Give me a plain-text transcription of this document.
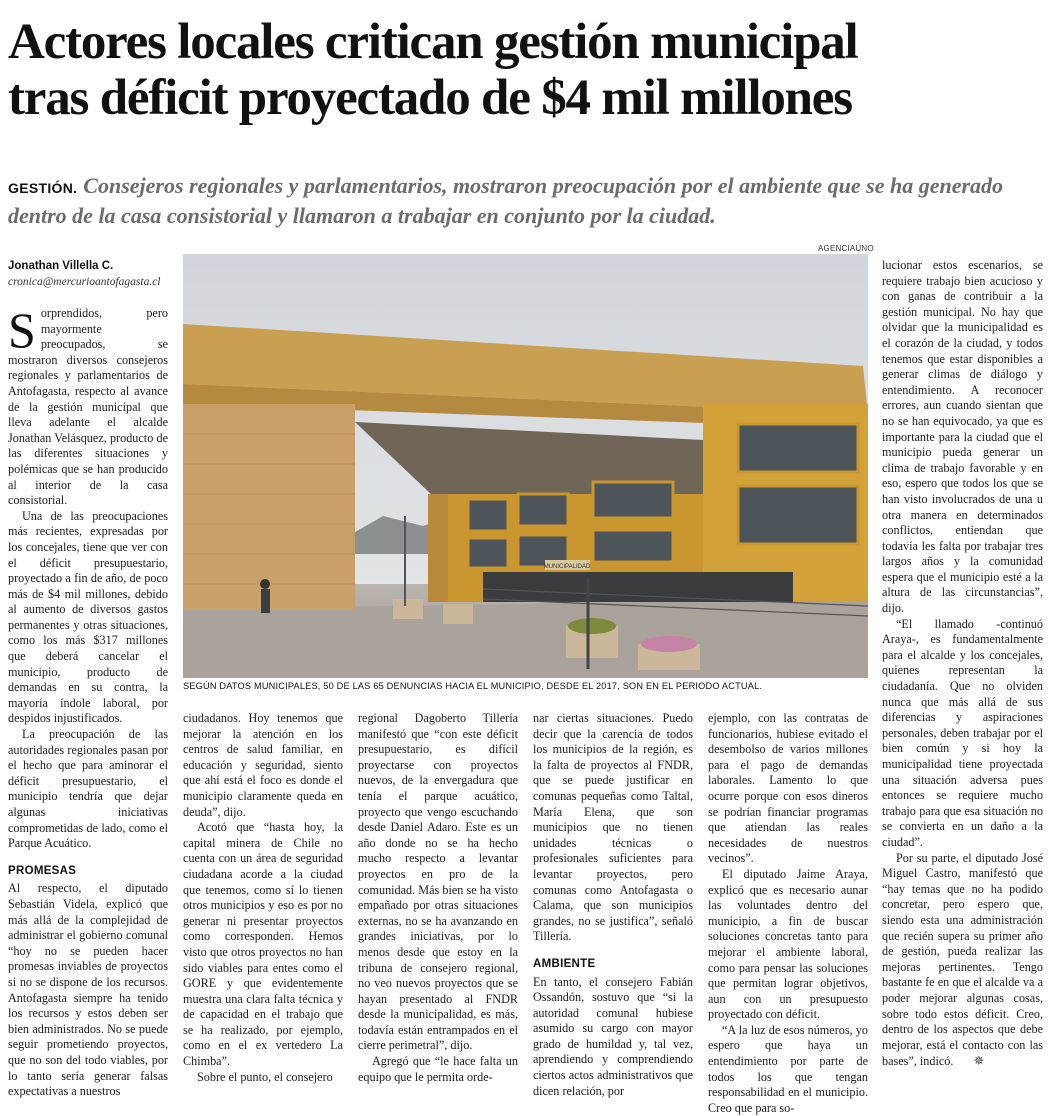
Actores locales critican gestión municipal
tras déficit proyectado de $4 mil millones

GESTIÓN. Consejeros regionales y parlamentarios, mostraron preocupación por el ambiente que se ha generado dentro de la casa consistorial y llamaron a trabajar en conjunto por la ciudad.

Jonathan Villella C.
cronica@mercurioantofagasta.cl
AGENCIAUNO
MUNICIPALIDAD
SEGÚN DATOS MUNICIPALES, 50 DE LAS 65 DENUNCIAS HACIA EL MUNICIPIO, DESDE EL 2017, SON EN EL PERIODO ACTUAL.

Sorprendidos, pero mayormente preocupados, se mostraron diversos consejeros regionales y parlamentarios de Antofagasta, respecto al avance de la gestión municipal que lleva adelante el alcalde Jonathan Velásquez, producto de las diferentes situaciones y polémicas que se han producido al interior de la casa consistorial.

Una de las preocupaciones más recientes, expresadas por los concejales, tiene que ver con el déficit presupuestario, proyectado a fin de año, de poco más de $4 mil millones, debido al aumento de diversos gastos permanentes y otras situaciones, como los más $317 millones que deberá cancelar el municipio, producto de demandas en su contra, la mayoría índole laboral, por despidos injustificados.

La preocupación de las autoridades regionales pasan por el hecho que para aminorar el déficit presupuestario, el municipio tendría que dejar algunas iniciativas comprometidas de lado, como el Parque Acuático.

PROMESAS

Al respecto, el diputado Sebastián Videla, explicó que más allá de la complejidad de administrar el gobierno comunal “hoy no se pueden hacer promesas inviables de proyectos si no se dispone de los recursos. Antofagasta siempre ha tenido los recursos y estos deben ser bien administrados. No se puede seguir prometiendo proyectos, que no son del todo viables, por lo tanto sería generar falsas expectativas a nuestros

ciudadanos. Hoy tenemos que mejorar la atención en los centros de salud familiar, en educación y seguridad, siento que ahí está el foco es donde el municipio claramente queda en deuda”, dijo.

Acotó que “hasta hoy, la capital minera de Chile no cuenta con un área de seguridad ciudadana acorde a la ciudad que tenemos, como sí lo tienen otros municipios y eso es por no generar ni presentar proyectos como corresponden. Hemos visto que otros proyectos no han sido viables para entes como el GORE y que evidentemente muestra una clara falta técnica y de capacidad en el trabajo que se ha realizado, por ejemplo, como en el ex vertedero La Chimba”.

Sobre el punto, el consejero

regional Dagoberto Tillería manifestó que “con este déficit presupuestario, es difícil proyectarse con proyectos nuevos, de la envergadura que tenía el parque acuático, proyecto que vengo escuchando desde Daniel Adaro. Este es un año donde no se ha hecho mucho respecto a levantar proyectos en pro de la comunidad. Más bien se ha visto empañado por otras situaciones externas, no se ha avanzando en grandes iniciativas, por lo menos desde que estoy en la tribuna de consejero regional, no veo nuevos proyectos que se hayan presentado al FNDR desde la municipalidad, es más, todavía están entrampados en el cierre perimetral”, dijo.

Agregó que “le hace falta un equipo que le permita orde-

nar ciertas situaciones. Puedo decir que la carencia de todos los municipios de la región, es la falta de proyectos al FNDR, que se puede justificar en comunas pequeñas como Taltal, María Elena, que son municipios que no tienen unidades técnicas o profesionales suficientes para levantar proyectos, pero comunas como Antofagasta o Calama, que son municipios grandes, no se justifica”, señaló Tillería.

AMBIENTE

En tanto, el consejero Fabián Ossandón, sostuvo que “si la autoridad comunal hubiese asumido su cargo con mayor grado de humildad y, tal vez, aprendiendo y comprendiendo ciertos actos administrativos que dicen relación, por

ejemplo, con las contratas de funcionarios, hubiese evitado el desembolso de varios millones para el pago de demandas laborales. Lamento lo que ocurre porque con esos dineros se podrían financiar programas que atiendan las reales necesidades de nuestros vecinos”.

El diputado Jaime Araya, explicó que es necesario aunar las voluntades dentro del municipio, a fin de buscar soluciones concretas tanto para mejorar el ambiente laboral, como para pensar las soluciones que permitan lograr objetivos, aun con un presupuesto proyectado con déficit.

“A la luz de esos números, yo espero que haya un entendimiento por parte de todos los que tengan responsabilidad en el municipio. Creo que para so-

lucionar estos escenarios, se requiere trabajo bien acucioso y con ganas de contribuir a la gestión municipal. No hay que olvidar que la municipalidad es el corazón de la ciudad, y todos tenemos que estar disponibles a generar climas de diálogo y entendimiento. A reconocer errores, aun cuando sientan que no se han equivocado, ya que es importante para la ciudad que el municipio pueda generar un clima de trabajo favorable y en eso, espero que todos los que se han visto involucrados de una u otra manera en determinados conflictos, entiendan que todavía les falta por trabajar tres largos años y la comunidad espera que el municipio esté a la altura de las circunstancias”, dijo.

“El llamado -continuó Araya-, es fundamentalmente para el alcalde y los concejales, quienes representan la ciudadanía. Que no olviden nunca que más allá de sus diferencias y aspiraciones personales, deben trabajar por el bien común y si hoy la municipalidad tiene proyectada una situación adversa pues entonces se requiere mucho trabajo para que esa situación no se convierta en un daño a la ciudad”.

Por su parte, el diputado José Miguel Castro, manifestó que “hay temas que no ha podido concretar, pero espero que, siendo esta una administración que recién supera su primer año de gestión, pueda realizar las mejoras pertinentes. Tengo bastante fe en que el alcalde va a poder mejorar algunas cosas, sobre todo estos déficit. Creo, dentro de los aspectos que debe mejorar, está el contacto con las bases”, indicó. ✵
